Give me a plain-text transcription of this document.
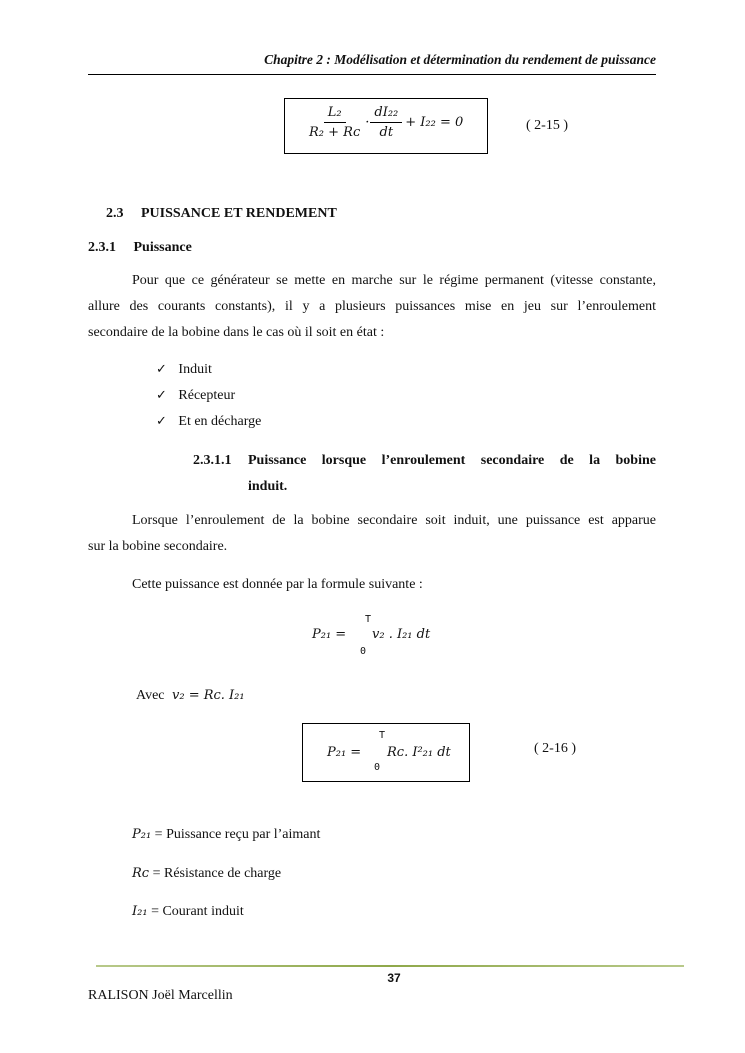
Chapitre 2 : Modélisation et détermination du rendement de puissance
$\frac{\text{L₂}}{\text{R₂ + Rᴄ}} \cdot \frac{\text{dI₂₂}}{dt} + I_{22} = 0$	( 2-15 )
2.3 PUISSANCE ET RENDEMENT
2.3.1 Puissance
Pour que ce générateur se mette en marche sur le régime permanent (vitesse constante,
allure des courants constants), il y a plusieurs puissances mise en jeu sur l’enroulement
secondaire de la bobine dans le cas où il soit en état :
✓ Induit
✓ Récepteur
✓ Et en décharge
2.3.1.1 Puissance lorsque l’enroulement secondaire de la bobine
induit.
Lorsque l’enroulement de la bobine secondaire soit induit, une puissance est apparue
sur la bobine secondaire.
Cette puissance est donnée par la formule suivante :
P₂₁ =
T
0
v₂ . I₂₁ dt
Avec v₂ = Rᴄ. I₂₁
P₂₁ =
T
0
Rᴄ. I²₂₁ dt	( 2-16 )
P₂₁ = Puissance reçu par l’aimant
Rᴄ = Résistance de charge
I₂₁ = Courant induit
37
RALISON Joël Marcellin
